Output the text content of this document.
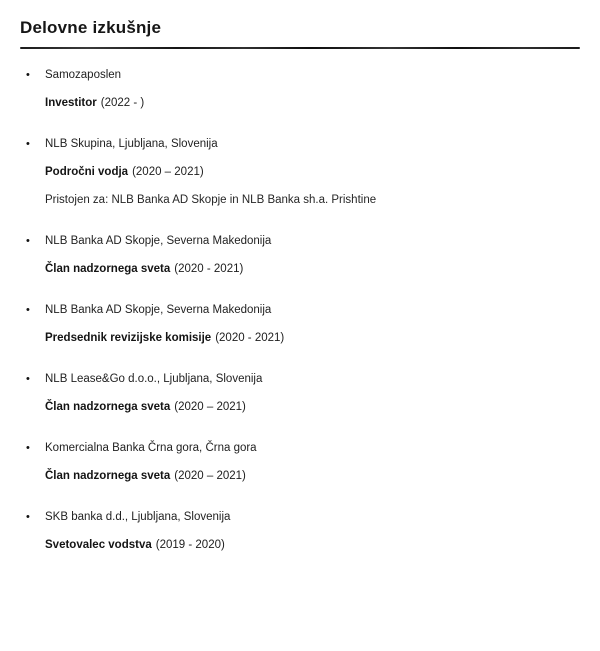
Delovne izkušnje
• Samozaposlen
Investitor (2022 - )
• NLB Skupina, Ljubljana, Slovenija
Področni vodja (2020 – 2021)
Pristojen za: NLB Banka AD Skopje in NLB Banka sh.a. Prishtine
• NLB Banka AD Skopje, Severna Makedonija
Član nadzornega sveta (2020 - 2021)
• NLB Banka AD Skopje, Severna Makedonija
Predsednik revizijske komisije (2020 - 2021)
• NLB Lease&Go d.o.o., Ljubljana, Slovenija
Član nadzornega sveta (2020 – 2021)
• Komercialna Banka Črna gora, Črna gora
Član nadzornega sveta (2020 – 2021)
• SKB banka d.d., Ljubljana, Slovenija
Svetovalec vodstva (2019 - 2020)
